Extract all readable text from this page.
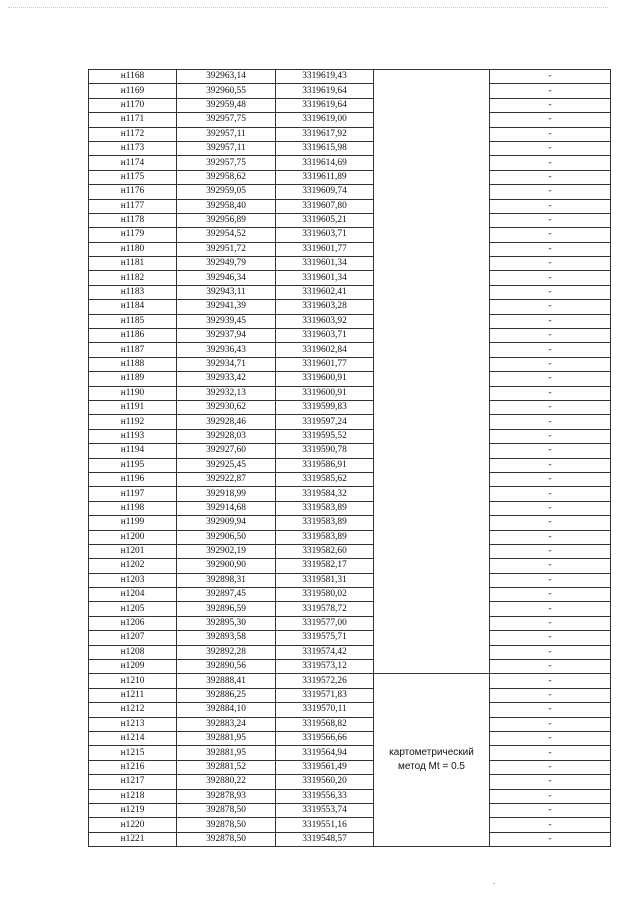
н1168	392963,14	3319619,43		-
н1169	392960,55	3319619,64		-
н1170	392959,48	3319619,64		-
н1171	392957,75	3319619,00		-
н1172	392957,11	3319617,92		-
н1173	392957,11	3319615,98		-
н1174	392957,75	3319614,69		-
н1175	392958,62	3319611,89		-
н1176	392959,05	3319609,74		-
н1177	392958,40	3319607,80		-
н1178	392956,89	3319605,21		-
н1179	392954,52	3319603,71		-
н1180	392951,72	3319601,77		-
н1181	392949,79	3319601,34		-
н1182	392946,34	3319601,34		-
н1183	392943,11	3319602,41		-
н1184	392941,39	3319603,28		-
н1185	392939,45	3319603,92		-
н1186	392937,94	3319603,71		-
н1187	392936,43	3319602,84		-
н1188	392934,71	3319601,77		-
н1189	392933,42	3319600,91		-
н1190	392932,13	3319600,91		-
н1191	392930,62	3319599,83		-
н1192	392928,46	3319597,24		-
н1193	392928,03	3319595,52		-
н1194	392927,60	3319590,78		-
н1195	392925,45	3319586,91		-
н1196	392922,87	3319585,62		-
н1197	392918,99	3319584,32		-
н1198	392914,68	3319583,89		-
н1199	392909,94	3319583,89		-
н1200	392906,50	3319583,89		-
н1201	392902,19	3319582,60		-
н1202	392900,90	3319582,17		-
н1203	392898,31	3319581,31		-
н1204	392897,45	3319580,02		-
н1205	392896,59	3319578,72		-
н1206	392895,30	3319577,00		-
н1207	392893,58	3319575,71		-
н1208	392892,28	3319574,42		-
н1209	392890,56	3319573,12		-
н1210	392888,41	3319572,26	картометрический метод Mt = 0.5	-
н1211	392886,25	3319571,83		-
н1212	392884,10	3319570,11		-
н1213	392883,24	3319568,82		-
н1214	392881,95	3319566,66		-
н1215	392881,95	3319564,94		-
н1216	392881,52	3319561,49		-
н1217	392880,22	3319560,20		-
н1218	392878,93	3319556,33		-
н1219	392878,50	3319553,74		-
н1220	392878,50	3319551,16		-
н1221	392878,50	3319548,57		-
